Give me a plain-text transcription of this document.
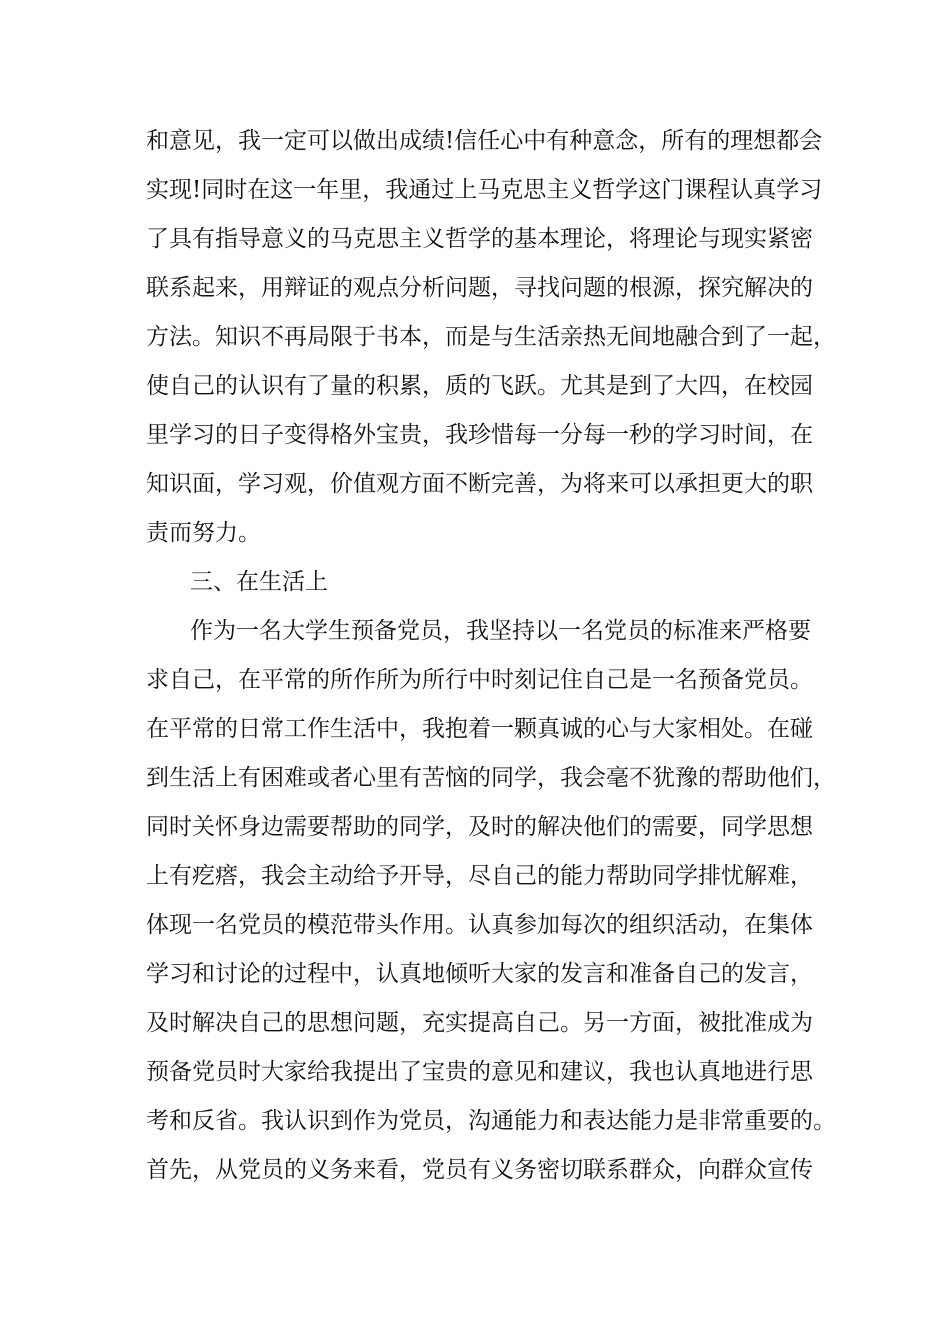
和意见，我一定可以做出成绩!信任心中有种意念，所有的理想都会
实现!同时在这一年里，我通过上马克思主义哲学这门课程认真学习
了具有指导意义的马克思主义哲学的基本理论，将理论与现实紧密
联系起来，用辩证的观点分析问题，寻找问题的根源，探究解决的
方法。知识不再局限于书本，而是与生活亲热无间地融合到了一起，
使自己的认识有了量的积累，质的飞跃。尤其是到了大四，在校园
里学习的日子变得格外宝贵，我珍惜每一分每一秒的学习时间，在
知识面，学习观，价值观方面不断完善，为将来可以承担更大的职
责而努力。
三、在生活上
作为一名大学生预备党员，我坚持以一名党员的标准来严格要
求自己，在平常的所作所为所行中时刻记住自己是一名预备党员。
在平常的日常工作生活中，我抱着一颗真诚的心与大家相处。在碰
到生活上有困难或者心里有苦恼的同学，我会毫不犹豫的帮助他们，
同时关怀身边需要帮助的同学，及时的解决他们的需要，同学思想
上有疙瘩，我会主动给予开导，尽自己的能力帮助同学排忧解难，
体现一名党员的模范带头作用。认真参加每次的组织活动，在集体
学习和讨论的过程中，认真地倾听大家的发言和准备自己的发言，
及时解决自己的思想问题，充实提高自己。另一方面，被批准成为
预备党员时大家给我提出了宝贵的意见和建议，我也认真地进行思
考和反省。我认识到作为党员，沟通能力和表达能力是非常重要的。
首先，从党员的义务来看，党员有义务密切联系群众，向群众宣传
